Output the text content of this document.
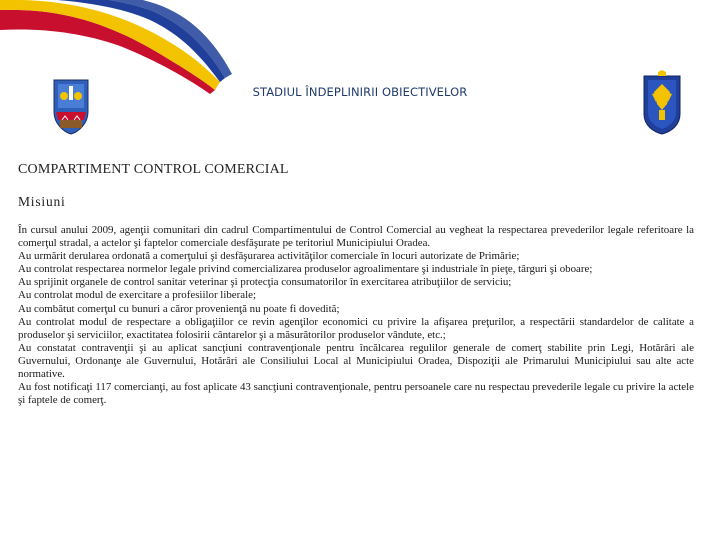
STADIUL ÎNDEPLINIRII OBIECTIVELOR
COMPARTIMENT CONTROL COMERCIAL
Misiuni

În cursul anului 2009, agenţii comunitari din cadrul Compartimentului de Control Comercial au vegheat la respectarea prevederilor legale referitoare la comerţul stradal, a actelor şi faptelor comerciale desfăşurate pe teritoriul Municipiului Oradea.

Au urmărit derularea ordonată a comerţului şi desfăşurarea activităţilor comerciale în locuri autorizate de Primărie;

Au controlat respectarea normelor legale privind comercializarea produselor agroalimentare şi industriale în pieţe, târguri şi oboare;

Au sprijinit organele de control sanitar veterinar şi protecţia consumatorilor în exercitarea atribuţiilor de serviciu;

Au controlat modul de exercitare a profesiilor liberale;

Au combătut comerţul cu bunuri a căror provenienţă nu poate fi dovedită;

Au controlat modul de respectare a obligaţiilor ce revin agenţilor economici cu privire la afişarea preţurilor, a respectării standardelor de calitate a produselor şi serviciilor, exactitatea folosirii cântarelor şi a măsurătorilor produselor vândute, etc.;

Au constatat contravenţii şi au aplicat sancţiuni contravenţionale pentru încălcarea regulilor generale de comerţ stabilite prin Legi, Hotărâri ale Guvernului, Ordonanţe ale Guvernului, Hotărâri ale Consiliului Local al Municipiului Oradea, Dispoziţii ale Primarului Municipiului sau alte acte normative.

Au fost notificaţi 117 comercianţi, au fost aplicate 43 sancţiuni contravenţionale, pentru persoanele care nu respectau prevederile legale cu privire la actele şi faptele de comerţ.
